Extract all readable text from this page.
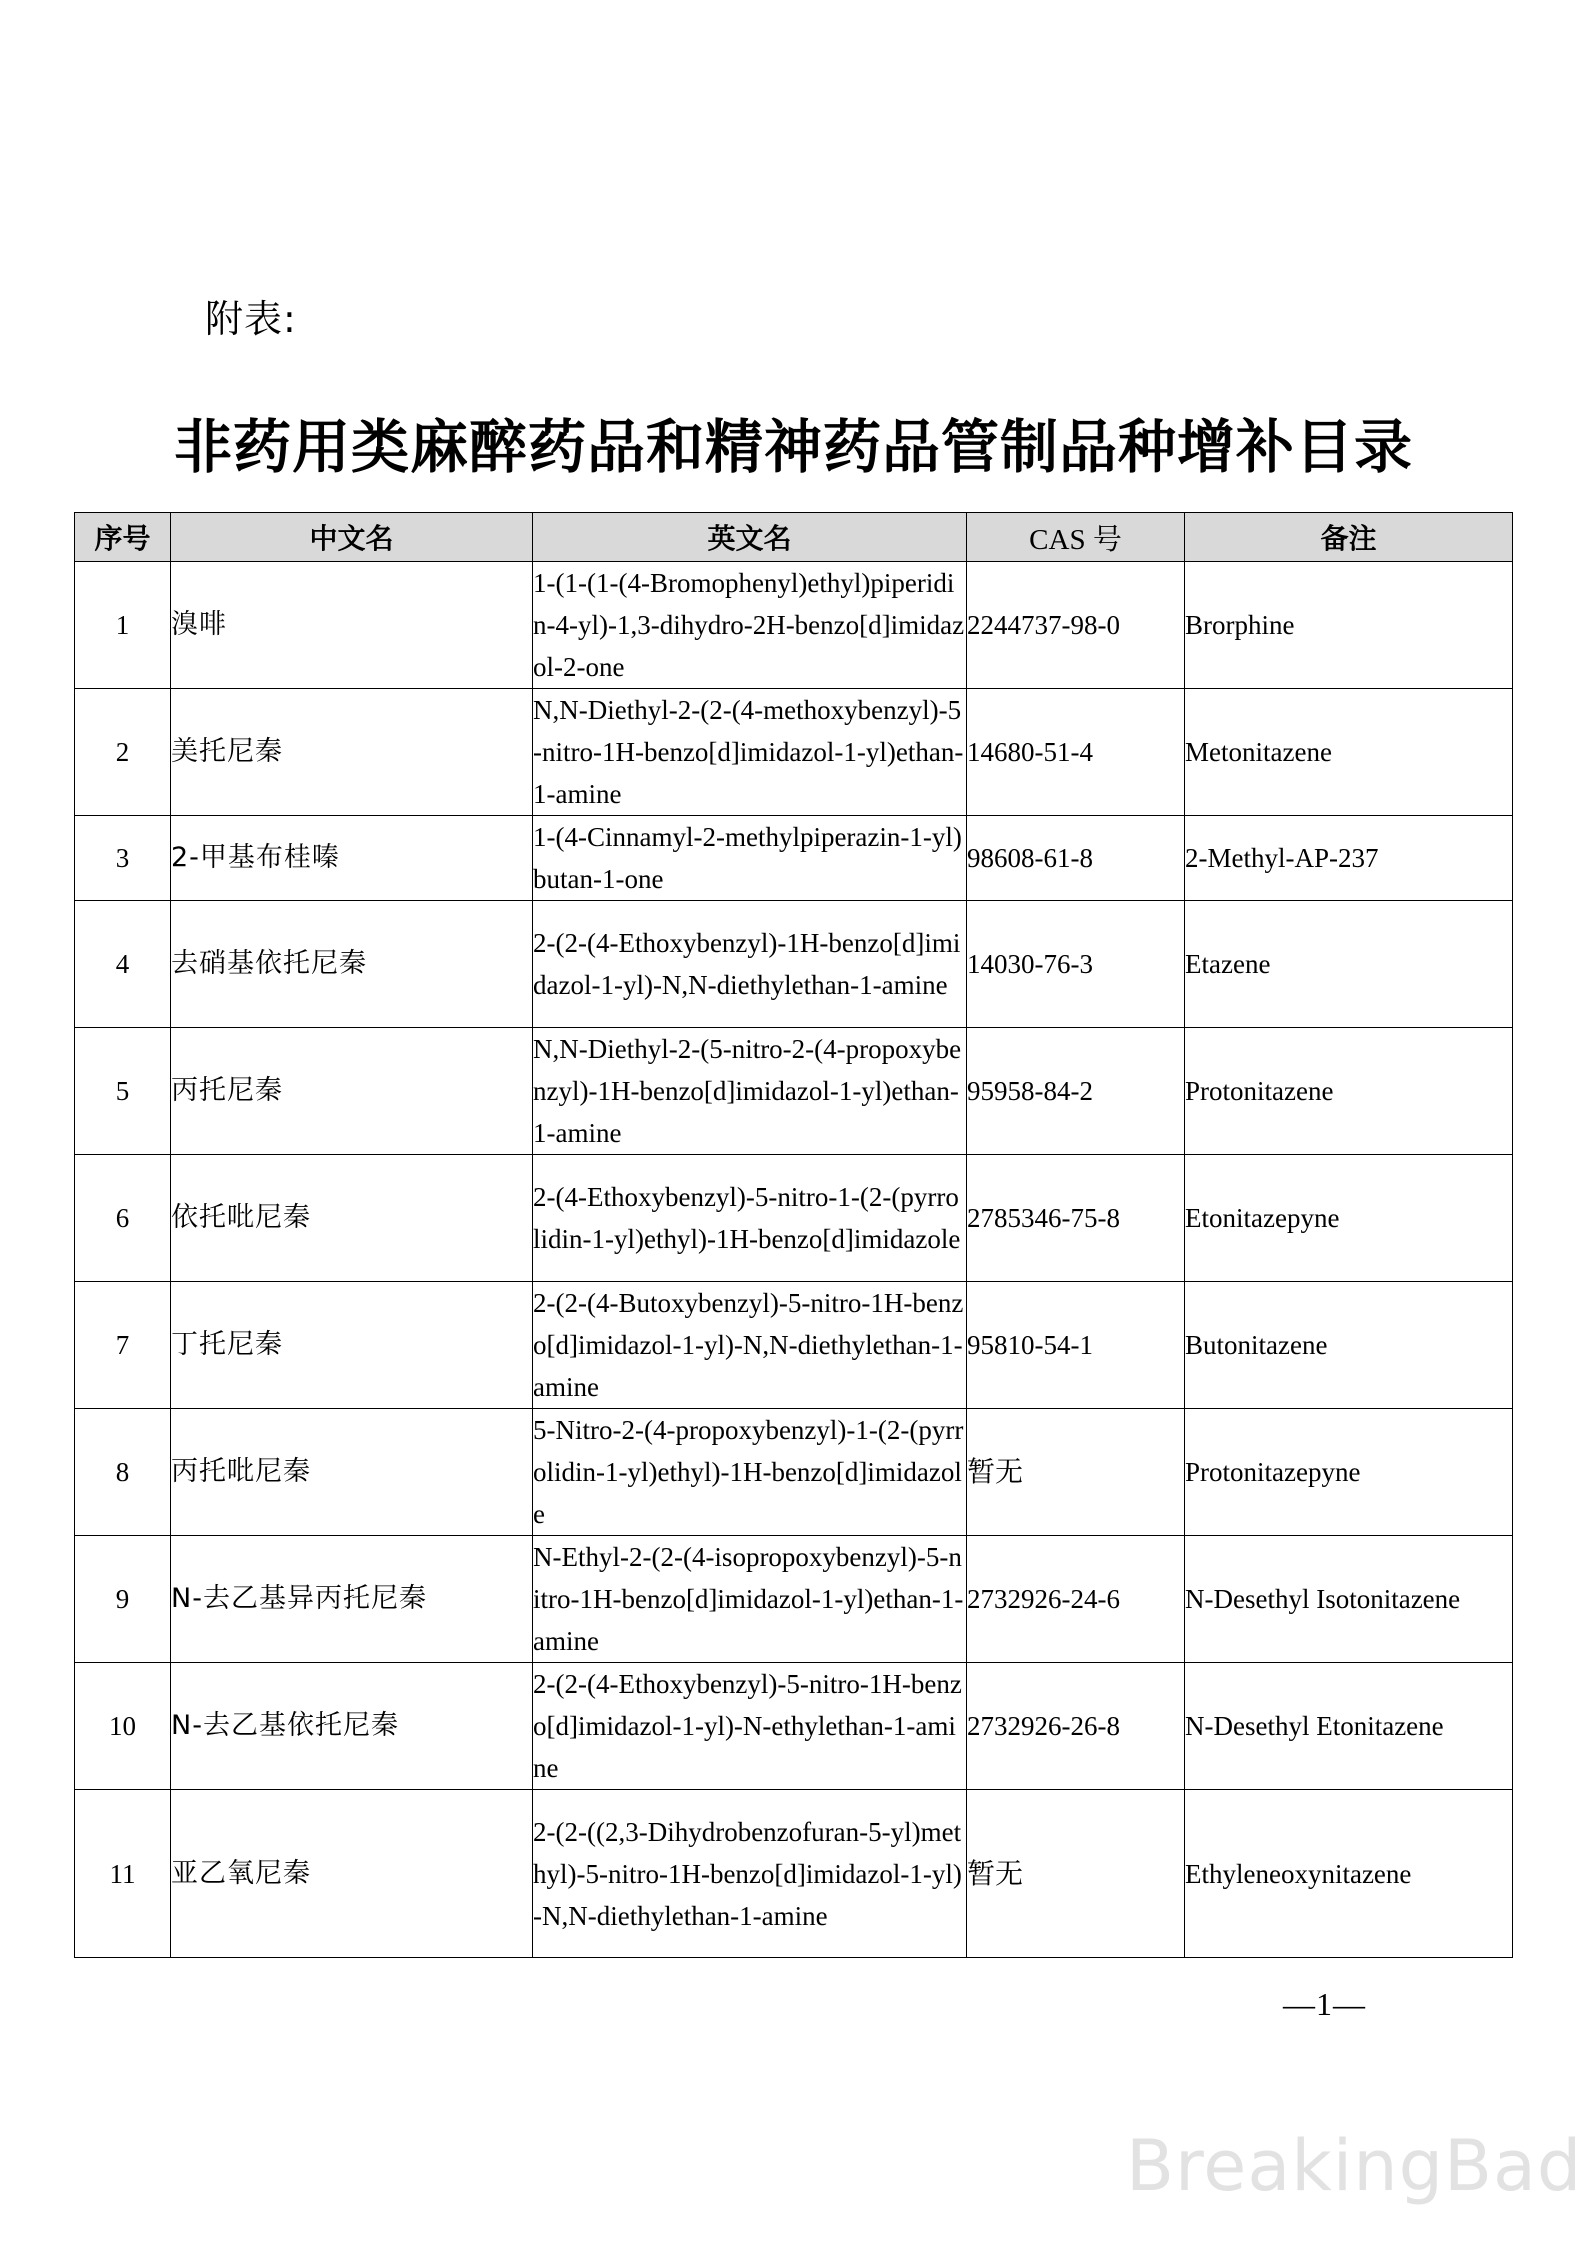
附表:
非药用类麻醉药品和精神药品管制品种增补目录
序号	中文名	英文名	CAS 号	备注
1	溴啡	1-(1-(1-(4-Bromophenyl)ethyl)piperidin-4-yl)-1,3-dihydro-2H-benzo[d]imidazol-2-one	2244737-98-0	Brorphine
2	美托尼秦	N,N-Diethyl-2-(2-(4-methoxybenzyl)-5-nitro-1H-benzo[d]imidazol-1-yl)ethan-1-amine	14680-51-4	Metonitazene
3	2-甲基布桂嗪	1-(4-Cinnamyl-2-methylpiperazin-1-yl)butan-1-one	98608-61-8	2-Methyl-AP-237
4	去硝基依托尼秦	2-(2-(4-Ethoxybenzyl)-1H-benzo[d]imidazol-1-yl)-N,N-diethylethan-1-amine	14030-76-3	Etazene
5	丙托尼秦	N,N-Diethyl-2-(5-nitro-2-(4-propoxybenzyl)-1H-benzo[d]imidazol-1-yl)ethan-1-amine	95958-84-2	Protonitazene
6	依托吡尼秦	2-(4-Ethoxybenzyl)-5-nitro-1-(2-(pyrrolidin-1-yl)ethyl)-1H-benzo[d]imidazole	2785346-75-8	Etonitazepyne
7	丁托尼秦	2-(2-(4-Butoxybenzyl)-5-nitro-1H-benzo[d]imidazol-1-yl)-N,N-diethylethan-1-amine	95810-54-1	Butonitazene
8	丙托吡尼秦	5-Nitro-2-(4-propoxybenzyl)-1-(2-(pyrrolidin-1-yl)ethyl)-1H-benzo[d]imidazole	暂无	Protonitazepyne
9	N-去乙基异丙托尼秦	N-Ethyl-2-(2-(4-isopropoxybenzyl)-5-nitro-1H-benzo[d]imidazol-1-yl)ethan-1-amine	2732926-24-6	N-Desethyl Isotonitazene
10	N-去乙基依托尼秦	2-(2-(4-Ethoxybenzyl)-5-nitro-1H-benzo[d]imidazol-1-yl)-N-ethylethan-1-amine	2732926-26-8	N-Desethyl Etonitazene
11	亚乙氧尼秦	2-(2-((2,3-Dihydrobenzofuran-5-yl)methyl)-5-nitro-1H-benzo[d]imidazol-1-yl)-N,N-diethylethan-1-amine	暂无	Ethyleneoxynitazene
—1—
BreakingBad
